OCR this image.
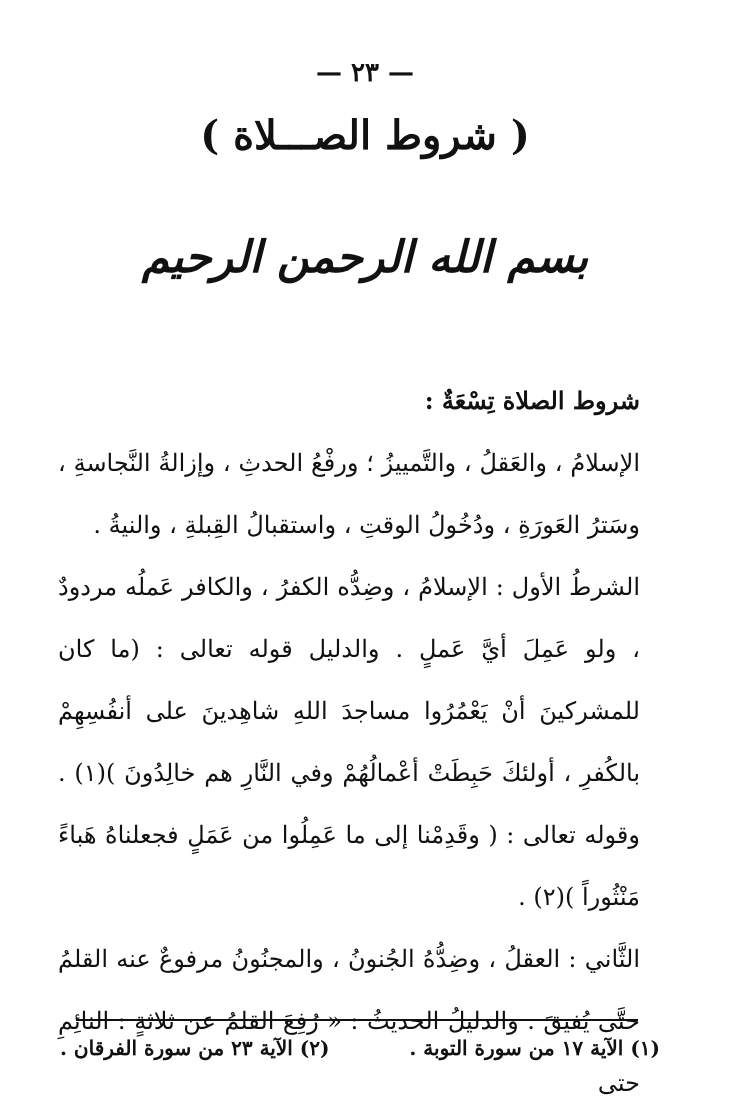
— ٢٣ —
( شروط الصـــلاة )
بسم الله الرحمن الرحيم

شروط الصلاة تِسْعَةٌ :

الإسلامُ ، والعَقلُ ، والتَّمييزُ ؛ ورفْعُ الحدثِ ، وإزالةُ النَّجاسةِ ، وسَترُ العَورَةِ ، ودُخُولُ الوقتِ ، واستقبالُ القِبلةِ ، والنيةُ .

الشرطُ الأول : الإسلامُ ، وضِدُّه الكفرُ ، والكافر عَملُه مردودٌ ، ولو عَمِلَ أيَّ عَملٍ . والدليل قوله تعالى : (ما كان للمشركينَ أنْ يَعْمُرُوا مساجدَ اللهِ شاهِدينَ على أنفُسِهِمْ بالكُفرِ ، أولئكَ حَبِطَتْ أعْمالُهُمْ وفي النَّارِ هم خالِدُونَ )(١) . وقوله تعالى : ( وقَدِمْنا إلى ما عَمِلُوا من عَمَلٍ فجعلناهُ هَباءً مَنْثُوراً )(٢) .

الثَّاني : العقلُ ، وضِدُّهُ الجُنونُ ، والمجنُونُ مرفوعٌ عنه القلمُ حتَّى يُفيقَ . والدليلُ الحديثُ : « رُفِعَ القلمُ عن ثلاثةٍ : النائِمِ حتى

(١) الآية ١٧ من سورة التوبة .
(٢) الآية ٢٣ من سورة الفرقان .
